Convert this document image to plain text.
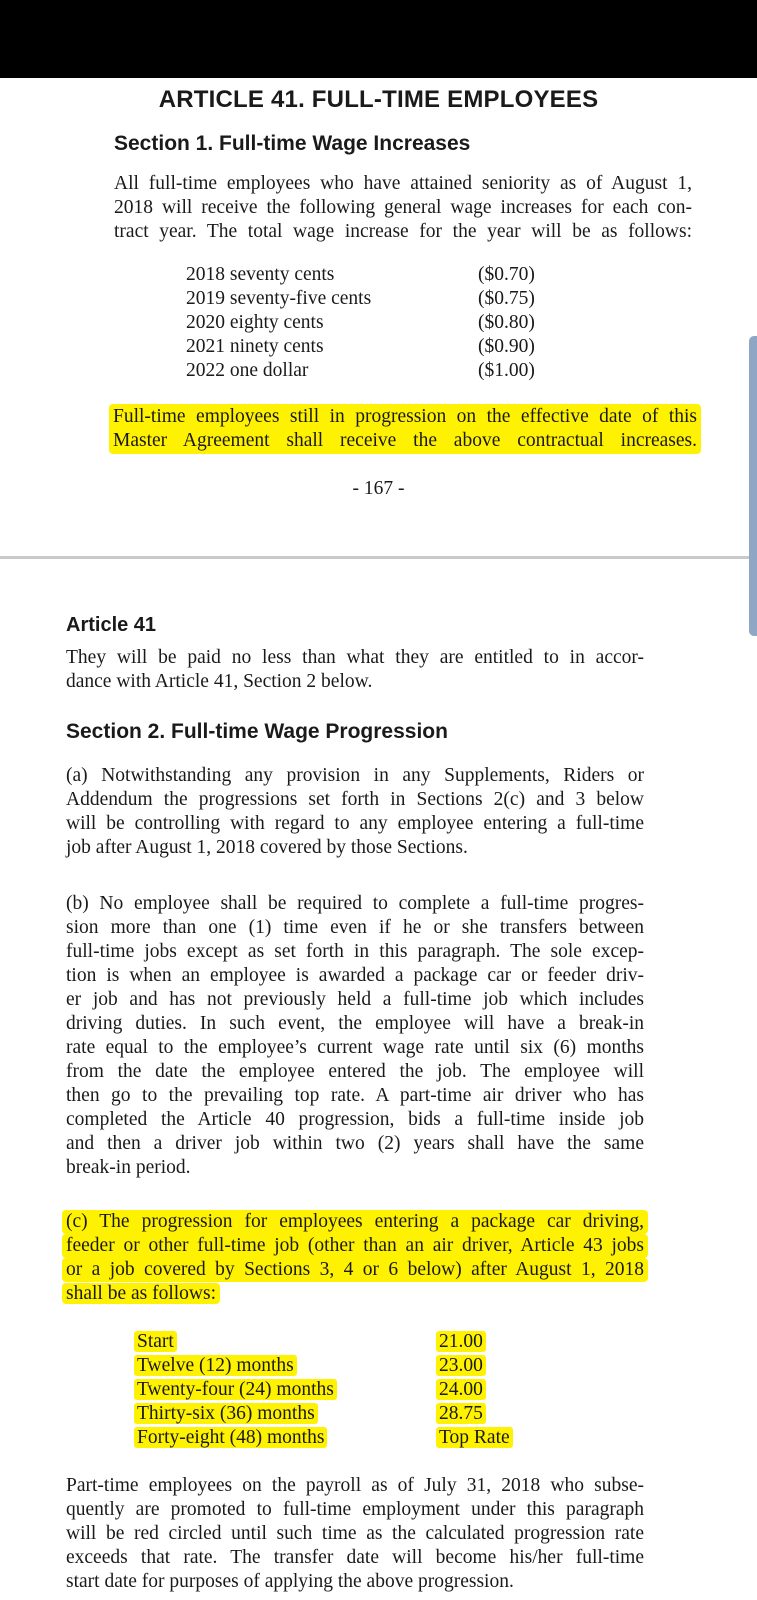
ARTICLE 41. FULL-TIME EMPLOYEES
Section 1. Full-time Wage Increases
All full-time employees who have attained seniority as of August 1,
2018 will receive the following general wage increases for each con-
tract year. The total wage increase for the year will be as follows:
2018 seventy cents	($0.70)
2019 seventy-five cents	($0.75)
2020 eighty cents	($0.80)
2021 ninety cents	($0.90)
2022 one dollar	($1.00)
Full-time employees still in progression on the effective date of this
Master Agreement shall receive the above contractual increases.
- 167 -
Article 41
They will be paid no less than what they are entitled to in accor-
dance with Article 41, Section 2 below.
Section 2. Full-time Wage Progression
(a) Notwithstanding any provision in any Supplements, Riders or
Addendum the progressions set forth in Sections 2(c) and 3 below
will be controlling with regard to any employee entering a full-time
job after August 1, 2018 covered by those Sections.
(b) No employee shall be required to complete a full-time progres-
sion more than one (1) time even if he or she transfers between
full-time jobs except as set forth in this paragraph. The sole excep-
tion is when an employee is awarded a package car or feeder driv-
er job and has not previously held a full-time job which includes
driving duties. In such event, the employee will have a break-in
rate equal to the employee’s current wage rate until six (6) months
from the date the employee entered the job. The employee will
then go to the prevailing top rate. A part-time air driver who has
completed the Article 40 progression, bids a full-time inside job
and then a driver job within two (2) years shall have the same
break-in period.
(c) The progression for employees entering a package car driving,
feeder or other full-time job (other than an air driver, Article 43 jobs
or a job covered by Sections 3, 4 or 6 below) after August 1, 2018
shall be as follows:
Start	21.00
Twelve (12) months	23.00
Twenty-four (24) months	24.00
Thirty-six (36) months	28.75
Forty-eight (48) months	Top Rate
Part-time employees on the payroll as of July 31, 2018 who subse-
quently are promoted to full-time employment under this paragraph
will be red circled until such time as the calculated progression rate
exceeds that rate. The transfer date will become his/her full-time
start date for purposes of applying the above progression.
